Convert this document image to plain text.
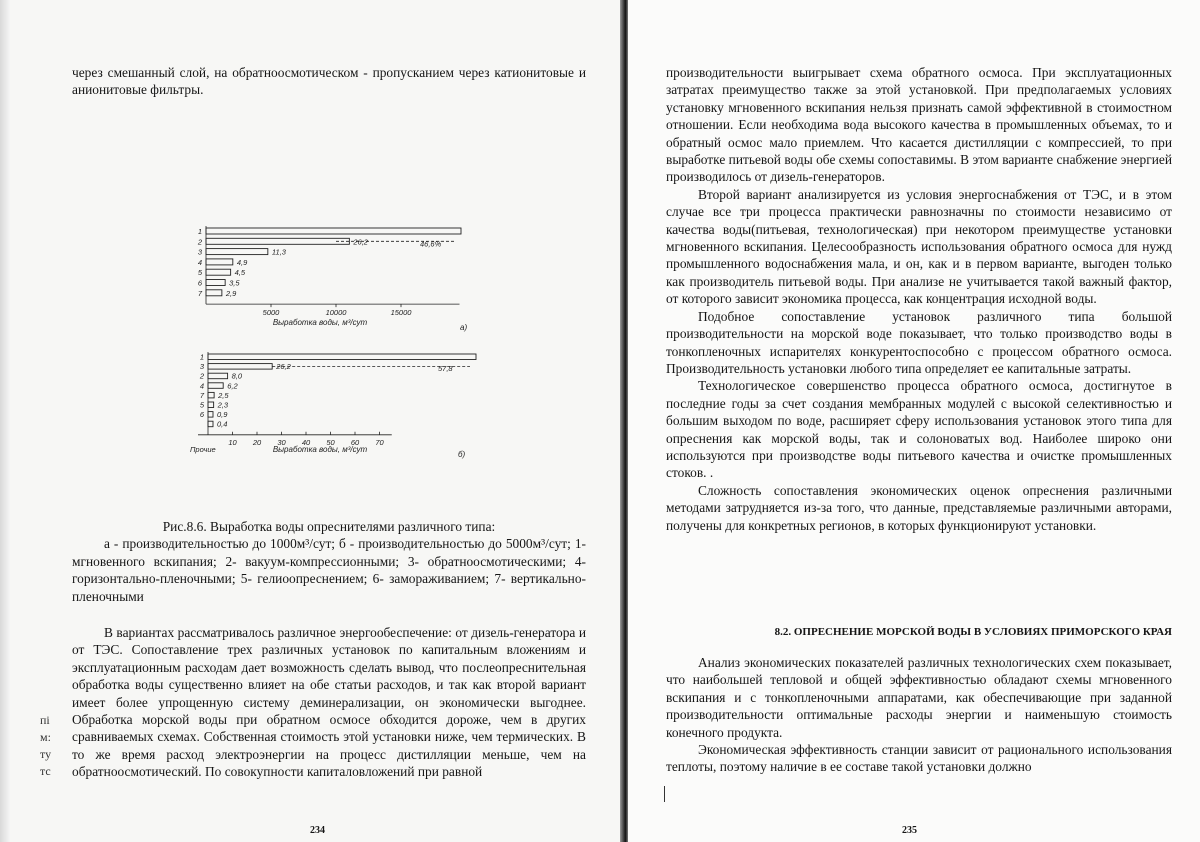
через смешанный слой, на обратноосмотическом - пропусканием через катионитовые и анионитовые фильтры.

1
2	26,2
3	11,3
4	4,9
5	4,5
6	3,5
7	2,9
46,6%
5000	10000	15000
Выработка воды, м³/сут
а)
1
3	26,2
2	8,0
4	6,2
7 2,5
5 2,3
6 0,9
0,4
57,8
10 20 30 40 50 60 70
Прочие	Выработка воды, м³/сут
б)
Рис.8.6. Выработка воды опреснителями различного типа:
а - производительностью до 1000м³/сут; б - производительностью до 5000м³/сут; 1- мгновенного вскипания; 2- вакуум-компрессионными; 3- обратноосмотическими; 4- горизонтально-пленочными; 5- гелиоопреснением; 6- замораживанием; 7- вертикально-пленочными

В вариантах рассматривалось различное энергообеспечение: от дизель-генератора и от ТЭС. Сопоставление трех различных установок по капитальным вложениям и эксплуатационным расходам дает возможность сделать вывод, что послеопреснительная обработка воды существенно влияет на обе статьи расходов, и так как второй вариант имеет более упрощенную систему деминерализации, он экономически выгоднее. Обработка морской воды при обратном осмосе обходится дороже, чем в других сравниваемых схемах. Собственная стоимость этой установки ниже, чем термических. В то же время расход электроэнергии на процесс дистилляции меньше, чем на обратноосмотический. По совокупности капиталовложений при равной

пі
м:
ту
тс
234

производительности выигрывает схема обратного осмоса. При эксплуатационных затратах преимущество также за этой установкой. При предполагаемых условиях установку мгновенного вскипания нельзя признать самой эффективной в стоимостном отношении. Если необходима вода высокого качества в промышленных объемах, то и обратный осмос мало приемлем. Что касается дистилляции с компрессией, то при выработке питьевой воды обе схемы сопоставимы. В этом варианте снабжение энергией производилось от дизель-генераторов.

Второй вариант анализируется из условия энергоснабжения от ТЭС, и в этом случае все три процесса практически равнозначны по стоимости независимо от качества воды(питьевая, технологическая) при некотором преимуществе установки мгновенного вскипания. Целесообразность использования обратного осмоса для нужд промышленного водоснабжения мала, и он, как и в первом варианте, выгоден только как производитель питьевой воды. При анализе не учитывается такой важный фактор, от которого зависит экономика процесса, как концентрация исходной воды.

Подобное сопоставление установок различного типа большой производительности на морской воде показывает, что только производство воды в тонкопленочных испарителях конкурентоспособно с процессом обратного осмоса. Производительность установки любого типа определяет ее капитальные затраты.

Технологическое совершенство процесса обратного осмоса, достигнутое в последние годы за счет создания мембранных модулей с высокой селективностью и большим выходом по воде, расширяет сферу использования установок этого типа для опреснения как морской воды, так и солоноватых вод. Наиболее широко они используются при производстве воды питьевого качества и очистке промышленных стоков. .

Сложность сопоставления экономических оценок опреснения различными методами затрудняется из-за того, что данные, представляемые различными авторами, получены для конкретных регионов, в которых функционируют установки.

8.2. ОПРЕСНЕНИЕ МОРСКОЙ ВОДЫ В УСЛОВИЯХ ПРИМОРСКОГО КРАЯ

Анализ экономических показателей различных технологических схем показывает, что наибольшей тепловой и общей эффективностью обладают схемы мгновенного вскипания и с тонкопленочными аппаратами, как обеспечивающие при заданной производительности оптимальные расходы энергии и наименьшую стоимость конечного продукта.

Экономическая эффективность станции зависит от рационального использования теплоты, поэтому наличие в ее составе такой установки должно

235
